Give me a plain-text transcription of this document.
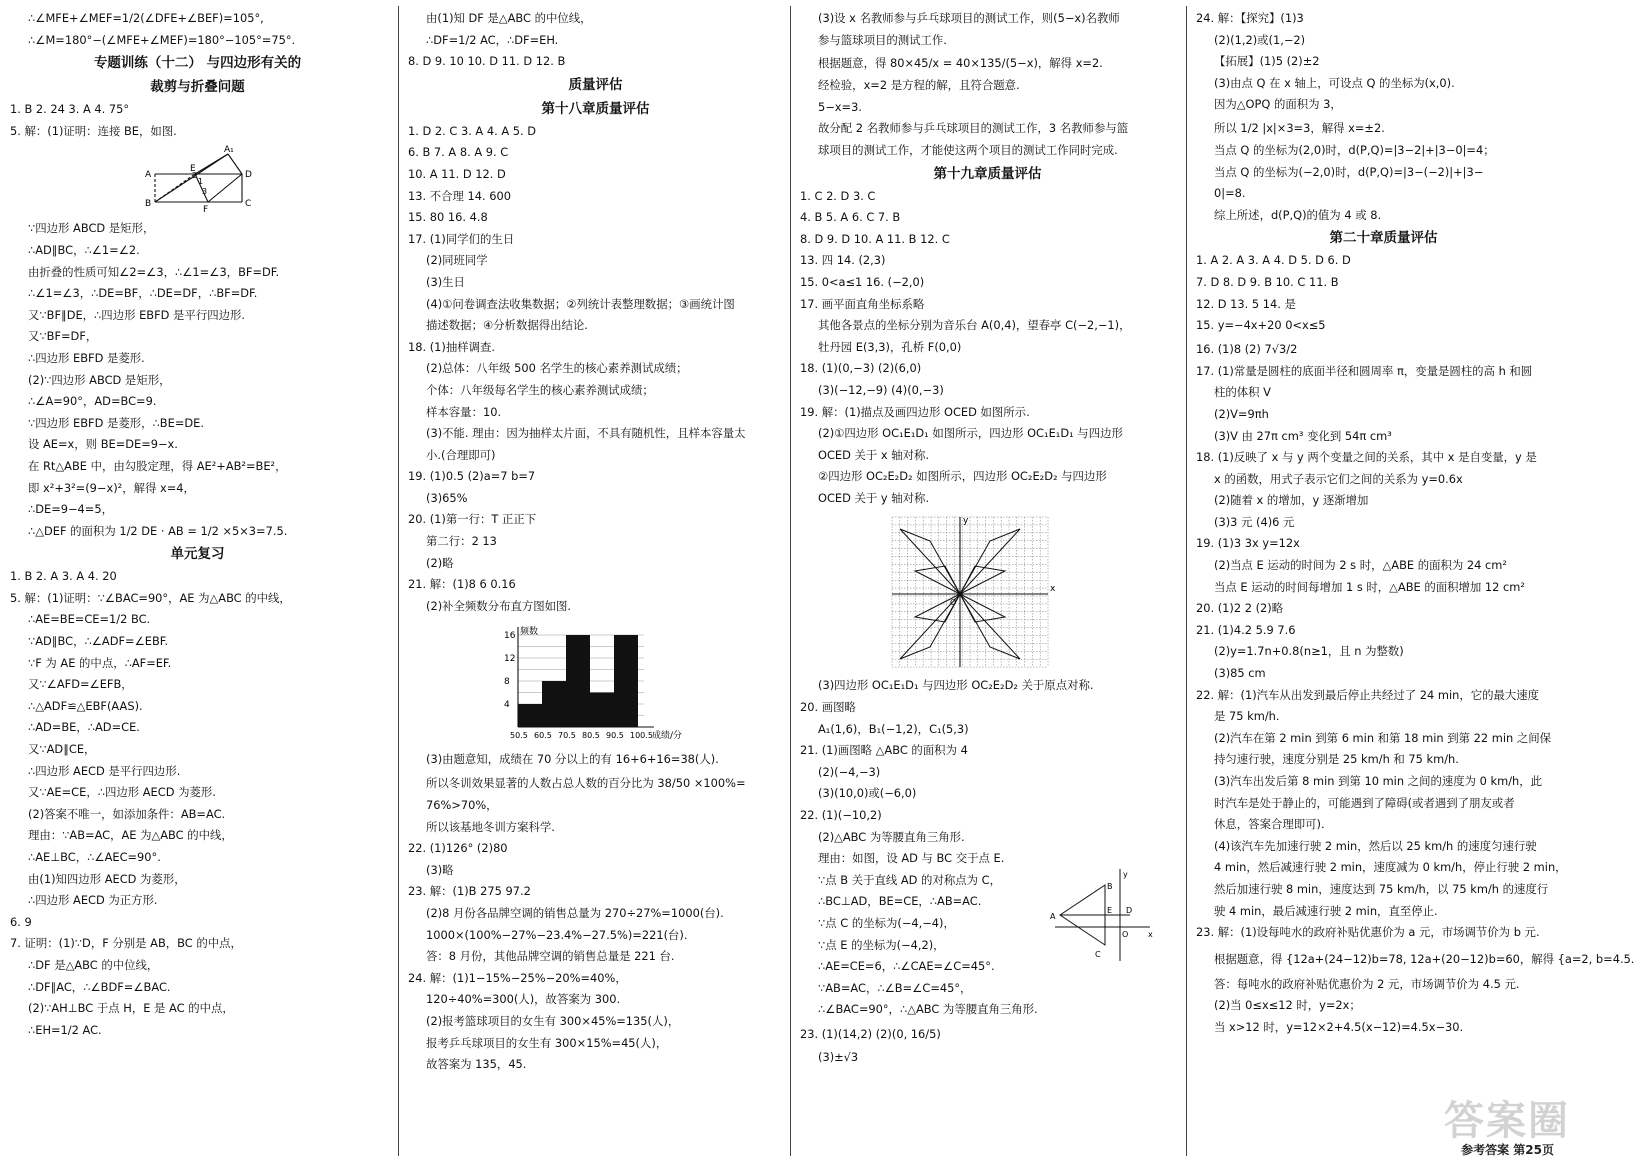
∴∠MFE+∠MEF=1/2(∠DFE+∠BEF)=105°,
∴∠M=180°−(∠MFE+∠MEF)=180°−105°=75°.
专题训练（十二） 与四边形有关的
裁剪与折叠问题
1. B 2. 24 3. A 4. 75°
5. 解：(1)证明：连接 BE，如图.
A₁
A
E
D
B
F
C
1
2
3
∵四边形 ABCD 是矩形，
∴AD∥BC，∴∠1=∠2.
由折叠的性质可知∠2=∠3，∴∠1=∠3，BF=DF.
∴∠1=∠3，∴DE=BF，∴DE=DF，∴BF=DF.
又∵BF∥DE，∴四边形 EBFD 是平行四边形.
又∵BF=DF，
∴四边形 EBFD 是菱形.
(2)∵四边形 ABCD 是矩形，
∴∠A=90°，AD=BC=9.
∵四边形 EBFD 是菱形，∴BE=DE.
设 AE=x，则 BE=DE=9−x.
在 Rt△ABE 中，由勾股定理，得 AE²+AB²=BE²，
即 x²+3²=(9−x)²，解得 x=4，
∴DE=9−4=5，
∴△DEF 的面积为 1/2 DE · AB = 1/2 ×5×3=7.5.
单元复习
1. B 2. A 3. A 4. 20
5. 解：(1)证明：∵∠BAC=90°，AE 为△ABC 的中线，
∴AE=BE=CE=1/2 BC.
∵AD∥BC，∴∠ADF=∠EBF.
∵F 为 AE 的中点，∴AF=EF.
又∵∠AFD=∠EFB，
∴△ADF≌△EBF(AAS).
∴AD=BE，∴AD=CE.
又∵AD∥CE，
∴四边形 AECD 是平行四边形.
又∵AE=CE，∴四边形 AECD 为菱形.
(2)答案不唯一，如添加条件：AB=AC.
理由：∵AB=AC，AE 为△ABC 的中线，
∴AE⊥BC，∴∠AEC=90°.
由(1)知四边形 AECD 为菱形，
∴四边形 AECD 为正方形.
6. 9
7. 证明：(1)∵D，F 分别是 AB，BC 的中点，
∴DF 是△ABC 的中位线，
∴DF∥AC，∴∠BDF=∠BAC.
(2)∵AH⊥BC 于点 H，E 是 AC 的中点，
∴EH=1/2 AC.
由(1)知 DF 是△ABC 的中位线，
∴DF=1/2 AC，∴DF=EH.
8. D 9. 10 10. D 11. D 12. B
质量评估
第十八章质量评估
1. D 2. C 3. A 4. A 5. D
6. B 7. A 8. A 9. C
10. A 11. D 12. D
13. 不合理 14. 600
15. 80 16. 4.8
17. (1)同学们的生日
(2)同班同学
(3)生日
(4)①问卷调查法收集数据；②列统计表整理数据；③画统计图
描述数据；④分析数据得出结论.
18. (1)抽样调查.
(2)总体：八年级 500 名学生的核心素养测试成绩；
个体：八年级每名学生的核心素养测试成绩；
样本容量：10.
(3)不能. 理由：因为抽样太片面，不具有随机性，且样本容量太
小.(合理即可)
19. (1)0.5 (2)a=7 b=7
(3)65%
20. (1)第一行：T 正正下
第二行：2 13
(2)略
21. 解：(1)8 6 0.16
(2)补全频数分布直方图如图.
4
8
12
16
50.5 60.5 70.5 80.5 90.5 100.5
频数
成绩/分
(3)由题意知，成绩在 70 分以上的有 16+6+16=38(人).
所以冬训效果显著的人数占总人数的百分比为 38/50 ×100%=
76%>70%，
所以该基地冬训方案科学.
22. (1)126° (2)80
(3)略
23. 解：(1)B 275 97.2
(2)8 月份各品牌空调的销售总量为 270÷27%=1000(台).
1000×(100%−27%−23.4%−27.5%)=221(台).
答：8 月份，其他品牌空调的销售总量是 221 台.
24. 解：(1)1−15%−25%−20%=40%，
120÷40%=300(人)，故答案为 300.
(2)报考篮球项目的女生有 300×45%=135(人)，
报考乒乓球项目的女生有 300×15%=45(人)，
故答案为 135，45.
(3)设 x 名教师参与乒乓球项目的测试工作，则(5−x)名教师
参与篮球项目的测试工作.
根据题意，得 80×45/x = 40×135/(5−x)，解得 x=2.
经检验，x=2 是方程的解，且符合题意.
5−x=3.
故分配 2 名教师参与乒乓球项目的测试工作，3 名教师参与篮
球项目的测试工作，才能使这两个项目的测试工作同时完成.
第十九章质量评估
1. C 2. D 3. C
4. B 5. A 6. C 7. B
8. D 9. D 10. A 11. B 12. C
13. 四 14. (2,3)
15. 0<a≤1 16. (−2,0)
17. 画平面直角坐标系略
其他各景点的坐标分别为音乐台 A(0,4)，望春亭 C(−2,−1)，
牡丹园 E(3,3)，孔桥 F(0,0)
18. (1)(0,−3) (2)(6,0)
(3)(−12,−9) (4)(0,−3)
19. 解：(1)描点及画四边形 OCED 如图所示.
(2)①四边形 OC₁E₁D₁ 如图所示，四边形 OC₁E₁D₁ 与四边形
OCED 关于 x 轴对称.
②四边形 OC₂E₂D₂ 如图所示，四边形 OC₂E₂D₂ 与四边形
OCED 关于 y 轴对称.
y
x
O
(3)四边形 OC₁E₁D₁ 与四边形 OC₂E₂D₂ 关于原点对称.
20. 画图略
A₁(1,6)，B₁(−1,2)，C₁(5,3)
21. (1)画图略 △ABC 的面积为 4
(2)(−4,−3)
(3)(10,0)或(−6,0)
22. (1)(−10,2)
(2)△ABC 为等腰直角三角形.
理由：如图，设 AD 与 BC 交于点 E.
∵点 B 关于直线 AD 的对称点为 C，
∴BC⊥AD，BE=CE，∴AB=AC.
∵点 C 的坐标为(−4,−4)，
∵点 E 的坐标为(−4,2)，
∴AE=CE=6，∴∠CAE=∠C=45°.
∵AB=AC，∴∠B=∠C=45°，
∴∠BAC=90°，∴△ABC 为等腰直角三角形.
y
B
A
E D
O x
C
23. (1)(14,2) (2)(0, 16/5)
(3)±√3
24. 解：【探究】(1)3
(2)(1,2)或(1,−2)
【拓展】(1)5 (2)±2
(3)由点 Q 在 x 轴上，可设点 Q 的坐标为(x,0).
因为△OPQ 的面积为 3，
所以 1/2 |x|×3=3，解得 x=±2.
当点 Q 的坐标为(2,0)时，d(P,Q)=|3−2|+|3−0|=4；
当点 Q 的坐标为(−2,0)时，d(P,Q)=|3−(−2)|+|3−
0|=8.
综上所述，d(P,Q)的值为 4 或 8.
第二十章质量评估
1. A 2. A 3. A 4. D 5. D 6. D
7. D 8. D 9. B 10. C 11. B
12. D 13. 5 14. 是
15. y=−4x+20 0<x≤5
16. (1)8 (2) 7√3/2
17. (1)常量是圆柱的底面半径和圆周率 π，变量是圆柱的高 h 和圆
柱的体积 V
(2)V=9πh
(3)V 由 27π cm³ 变化到 54π cm³
18. (1)反映了 x 与 y 两个变量之间的关系，其中 x 是自变量，y 是
x 的函数，用式子表示它们之间的关系为 y=0.6x
(2)随着 x 的增加，y 逐渐增加
(3)3 元 (4)6 元
19. (1)3 3x y=12x
(2)当点 E 运动的时间为 2 s 时，△ABE 的面积为 24 cm²
当点 E 运动的时间每增加 1 s 时，△ABE 的面积增加 12 cm²
20. (1)2 2 (2)略
21. (1)4.2 5.9 7.6
(2)y=1.7n+0.8(n≥1，且 n 为整数)
(3)85 cm
22. 解：(1)汽车从出发到最后停止共经过了 24 min，它的最大速度
是 75 km/h.
(2)汽车在第 2 min 到第 6 min 和第 18 min 到第 22 min 之间保
持匀速行驶，速度分别是 25 km/h 和 75 km/h.
(3)汽车出发后第 8 min 到第 10 min 之间的速度为 0 km/h，此
时汽车是处于静止的，可能遇到了障碍(或者遇到了朋友或者
休息，答案合理即可).
(4)该汽车先加速行驶 2 min，然后以 25 km/h 的速度匀速行驶
4 min，然后减速行驶 2 min，速度减为 0 km/h，停止行驶 2 min，
然后加速行驶 8 min，速度达到 75 km/h，以 75 km/h 的速度行
驶 4 min，最后减速行驶 2 min，直至停止.
23. 解：(1)设每吨水的政府补贴优惠价为 a 元，市场调节价为 b 元.
根据题意，得 {12a+(24−12)b=78, 12a+(20−12)b=60，解得 {a=2, b=4.5.
答：每吨水的政府补贴优惠价为 2 元，市场调节价为 4.5 元.
(2)当 0≤x≤12 时，y=2x；
当 x>12 时，y=12×2+4.5(x−12)=4.5x−30.
答案圈
参考答案 第25页
